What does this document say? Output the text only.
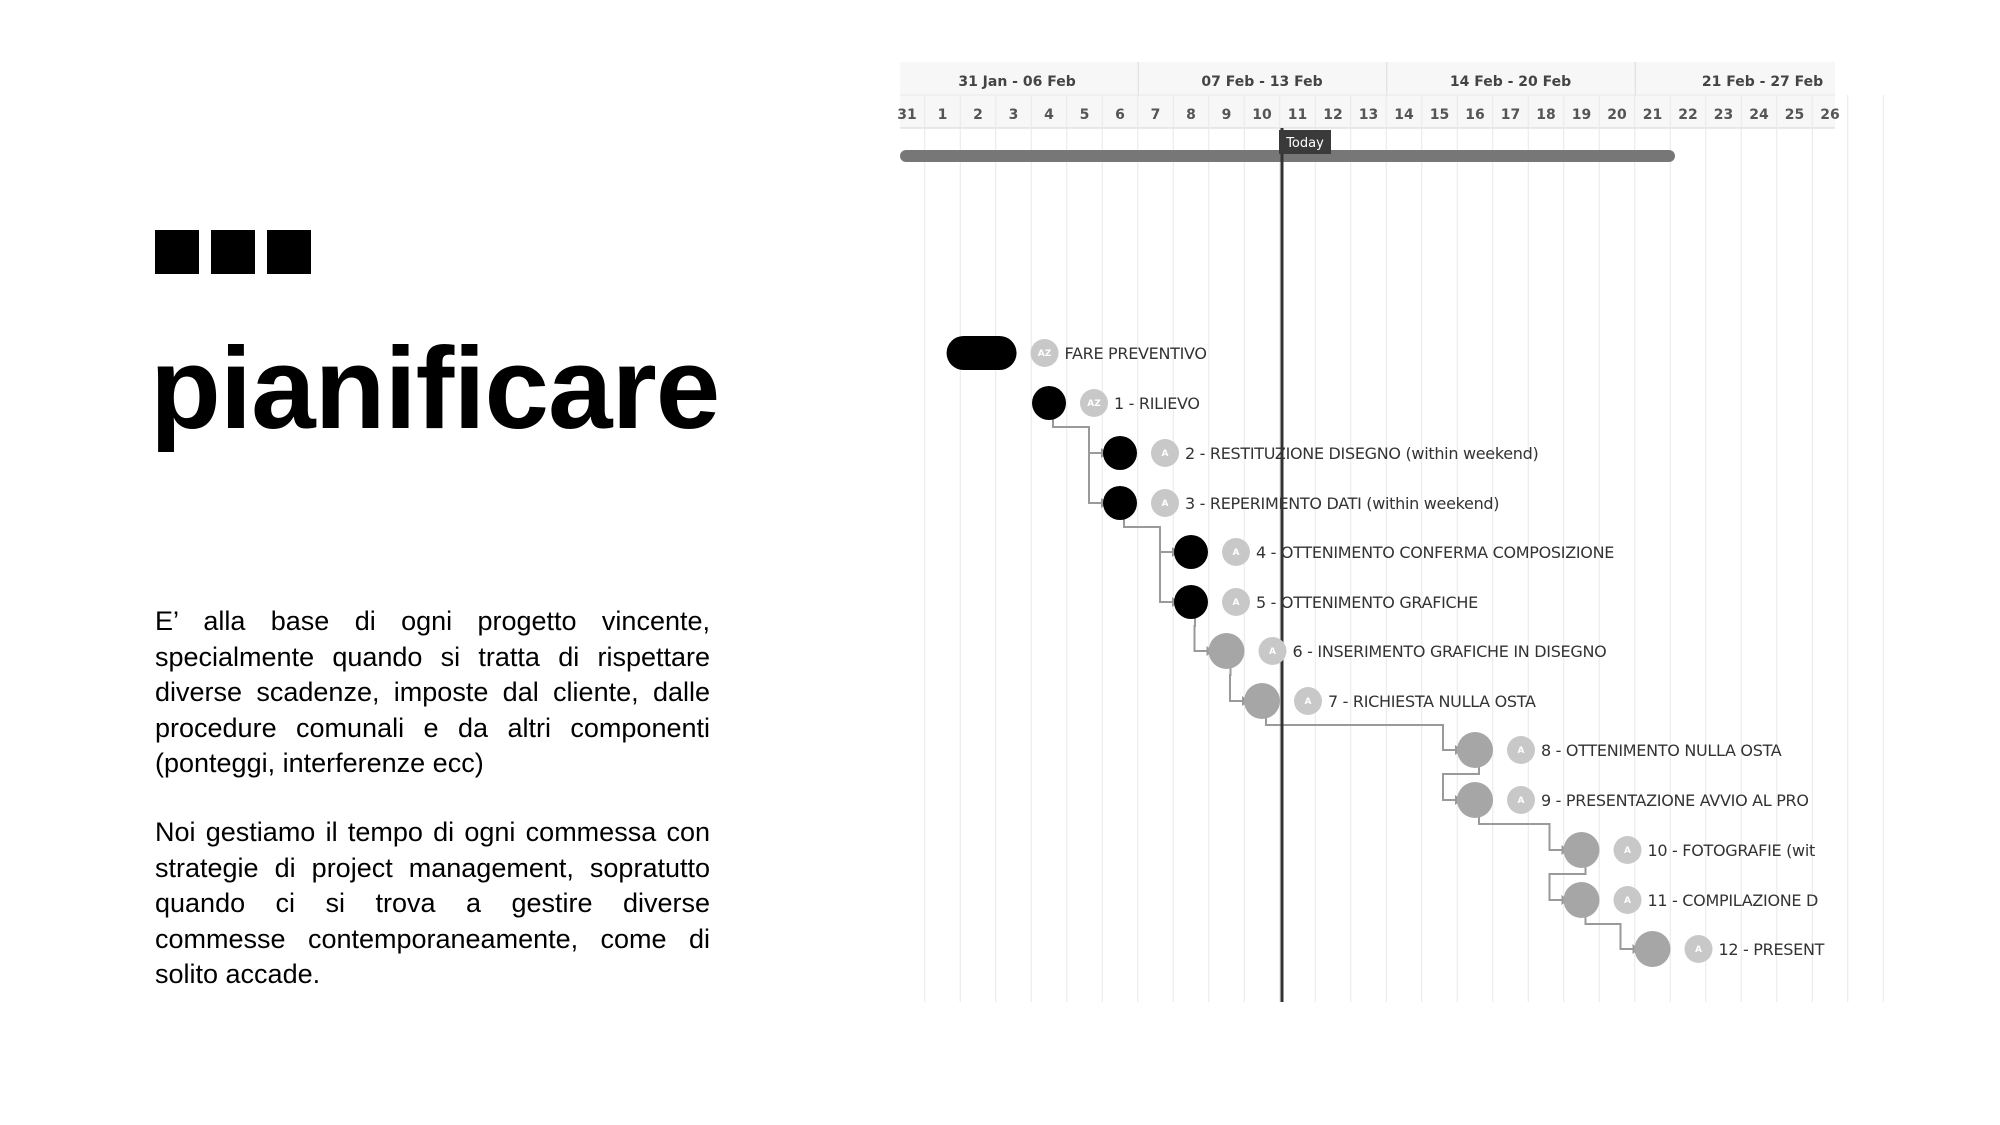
pianificare

E’ alla base di ogni progetto vincente, specialmente quando si tratta di rispettare diverse scadenze, imposte dal cliente, dalle procedure comunali e da altri componenti (ponteggi, interferenze ecc)

Noi gestiamo il tempo di ogni commessa con strategie di project management, sopratutto quando ci si trova a gestire diverse commesse contemporaneamente, come di solito accade.

31 Jan - 06 Feb	07 Feb - 13 Feb	14 Feb - 20 Feb	21 Feb - 27 Feb
31 1 2 3 4 5 6 7 8 9 10 11 12 13 14 15 16 17 18 19 20 21 22 23 24 25 26
Today
AZ FARE PREVENTIVO
AZ 1 - RILIEVO
A 2 - RESTITUZIONE DISEGNO (within weekend)
A 3 - REPERIMENTO DATI (within weekend)
A 4 - OTTENIMENTO CONFERMA COMPOSIZIONE
A 5 - OTTENIMENTO GRAFICHE
A 6 - INSERIMENTO GRAFICHE IN DISEGNO
A 7 - RICHIESTA NULLA OSTA
A 8 - OTTENIMENTO NULLA OSTA
A 9 - PRESENTAZIONE AVVIO AL PRO
A 10 - FOTOGRAFIE (wit
A 11 - COMPILAZIONE D
A 12 - PRESENT
